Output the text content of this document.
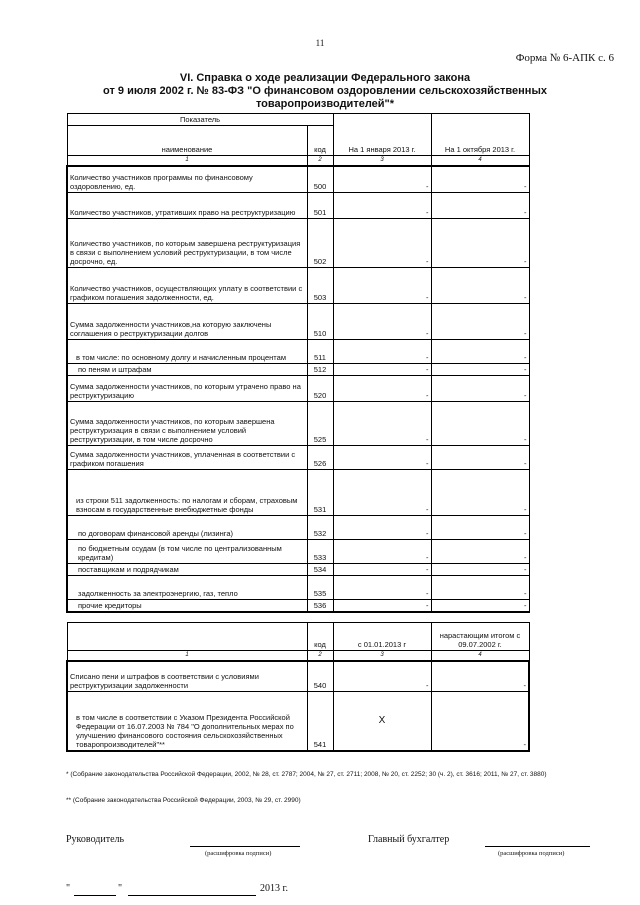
11
Форма № 6-АПК с. 6
VI. Справка о ходе реализации Федерального закона
от 9 июля 2002 г. № 83-ФЗ "О финансовом оздоровлении сельскохозяйственных
товаропроизводителей"*
Показатель		На 1 января 2013 г.	На 1 октября 2013 г.
наименование	код		
1	2	3	4
Количество участников программы по финансовому оздоровлению, ед.	500	-	-
Количество участников, утративших право на реструктуризацию	501	-	-
Количество участников, по которым завершена реструктуризация в связи с выполнением условий реструктуризации, в том числе досрочно, ед.	502	-	-
Количество участников, осуществляющих уплату в соответствии с графиком погашения задолженности, ед.	503	-	-
Сумма задолженности участников,на которую заключены соглашения о реструктуризации долгов	510	-	-
в том числе: по основному долгу и начисленным процентам	511	-	-
по пеням и штрафам	512	-	-
Сумма задолженности участников, по которым утрачено право на реструктуризацию	520	-	-
Сумма задолженности участников, по которым завершена реструктуризация в связи с выполнением условий реструктуризации, в том числе досрочно	525	-	-
Сумма задолженности участников, уплаченная в соответствии с графиком погашения	526	-	-
из строки 511 задолженность: по налогам и сборам, страховым взносам в государственные внебюджетные фонды	531	-	-
по договорам финансовой аренды (лизинга)	532	-	-
по бюджетным ссудам (в том числе по централизованным кредитам)	533	-	-
поставщикам и подрядчикам	534	-	-
задолженность за электроэнергию, газ, тепло	535	-	-
прочие кредиторы	536	-	-
	код	с 01.01.2013 г	нарастающим итогом с 09.07.2002 г.
1	2	3	4
Списано пени и штрафов в соответствии с условиями реструктуризации задолженности	540	-	-
в том числе в соответствии с Указом Президента Российской Федерации от 16.07.2003 № 784 "О дополнительных мерах по улучшению финансового состояния сельскохозяйственных товаропроизводителей"**	541	X	-
* (Собрание законодательства Российской Федерации, 2002, № 28, ст. 2787; 2004, № 27, ст. 2711; 2008, № 20, ст. 2252; 30 (ч. 2), ст. 3616; 2011, № 27, ст. 3880)
** (Собрание законодательства Российской Федерации, 2003, № 29, ст. 2990)
Руководитель
(расшифровка подписи)
Главный бухгалтер
(расшифровка подписи)
"	"	2013 г.
